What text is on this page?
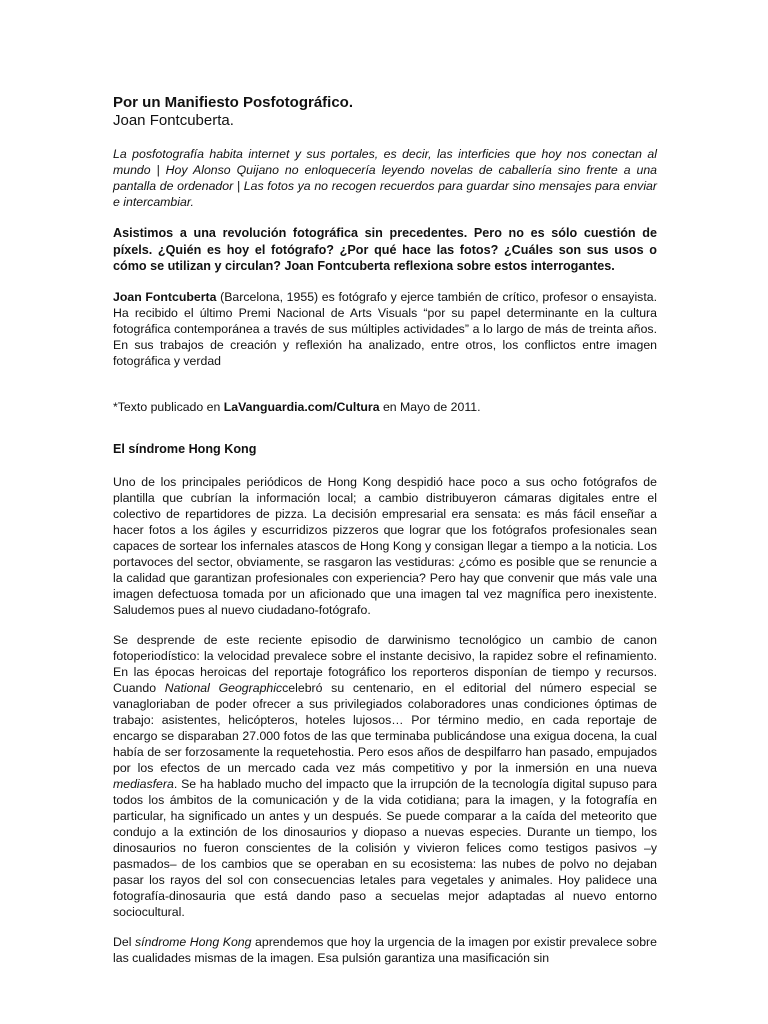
Por un Manifiesto Posfotográfico.
Joan Fontcuberta.
La posfotografía habita internet y sus portales, es decir, las interficies que hoy nos conectan al mundo | Hoy Alonso Quijano no enloquecería leyendo novelas de caballería sino frente a una pantalla de ordenador | Las fotos ya no recogen recuerdos para guardar sino mensajes para enviar e intercambiar.
Asistimos a una revolución fotográfica sin precedentes. Pero no es sólo cuestión de píxels. ¿Quién es hoy el fotógrafo? ¿Por qué hace las fotos? ¿Cuáles son sus usos o cómo se utilizan y circulan? Joan Fontcuberta reflexiona sobre estos interrogantes.
Joan Fontcuberta (Barcelona, 1955) es fotógrafo y ejerce también de crítico, profesor o ensayista. Ha recibido el último Premi Nacional de Arts Visuals “por su papel determinante en la cultura fotográfica contemporánea a través de sus múltiples actividades” a lo largo de más de treinta años. En sus trabajos de creación y reflexión ha analizado, entre otros, los conflictos entre imagen fotográfica y verdad
*Texto publicado en LaVanguardia.com/Cultura en Mayo de 2011.
El síndrome Hong Kong
Uno de los principales periódicos de Hong Kong despidió hace poco a sus ocho fotógrafos de plantilla que cubrían la información local; a cambio distribuyeron cámaras digitales entre el colectivo de repartidores de pizza. La decisión empresarial era sensata: es más fácil enseñar a hacer fotos a los ágiles y escurridizos pizzeros que lograr que los fotógrafos profesionales sean capaces de sortear los infernales atascos de Hong Kong y consigan llegar a tiempo a la noticia. Los portavoces del sector, obviamente, se rasgaron las vestiduras: ¿cómo es posible que se renuncie a la calidad que garantizan profesionales con experiencia? Pero hay que convenir que más vale una imagen defectuosa tomada por un aficionado que una imagen tal vez magnífica pero inexistente. Saludemos pues al nuevo ciudadano-fotógrafo.
Se desprende de este reciente episodio de darwinismo tecnológico un cambio de canon fotoperiodístico: la velocidad prevalece sobre el instante decisivo, la rapidez sobre el refinamiento. En las épocas heroicas del reportaje fotográfico los reporteros disponían de tiempo y recursos. Cuando National Geographiccelebró su centenario, en el editorial del número especial se vanagloriaban de poder ofrecer a sus privilegiados colaboradores unas condiciones óptimas de trabajo: asistentes, helicópteros, hoteles lujosos… Por término medio, en cada reportaje de encargo se disparaban 27.000 fotos de las que terminaba publicándose una exigua docena, la cual había de ser forzosamente la requetehostia. Pero esos años de despilfarro han pasado, empujados por los efectos de un mercado cada vez más competitivo y por la inmersión en una nueva mediasfera. Se ha hablado mucho del impacto que la irrupción de la tecnología digital supuso para todos los ámbitos de la comunicación y de la vida cotidiana; para la imagen, y la fotografía en particular, ha significado un antes y un después. Se puede comparar a la caída del meteorito que condujo a la extinción de los dinosaurios y diopaso a nuevas especies. Durante un tiempo, los dinosaurios no fueron conscientes de la colisión y vivieron felices como testigos pasivos –y pasmados– de los cambios que se operaban en su ecosistema: las nubes de polvo no dejaban pasar los rayos del sol con consecuencias letales para vegetales y animales. Hoy palidece una fotografía-dinosauria que está dando paso a secuelas mejor adaptadas al nuevo entorno sociocultural.
Del síndrome Hong Kong aprendemos que hoy la urgencia de la imagen por existir prevalece sobre las cualidades mismas de la imagen. Esa pulsión garantiza una masificación sin
